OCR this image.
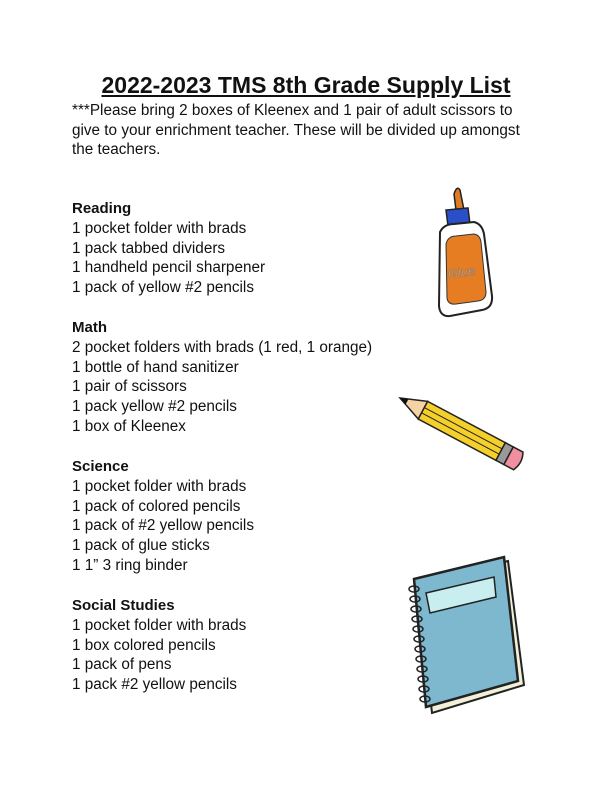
2022-2023 TMS 8th Grade Supply List
***Please bring 2 boxes of Kleenex and 1 pair of adult scissors to give to your enrichment teacher. These will be divided up amongst the teachers.
Reading
1 pocket folder with brads
1 pack tabbed dividers
1 handheld pencil sharpener
1 pack of yellow #2 pencils
Math
2 pocket folders with brads (1 red, 1 orange)
1 bottle of hand sanitizer
1 pair of scissors
1 pack yellow #2 pencils
1 box of Kleenex
Science
1 pocket folder with brads
1 pack of colored pencils
1 pack of #2 yellow pencils
1 pack of glue sticks
1 1” 3 ring binder
Social Studies
1 pocket folder with brads
1 box colored pencils
1 pack of pens
1 pack #2 yellow pencils
Glue
